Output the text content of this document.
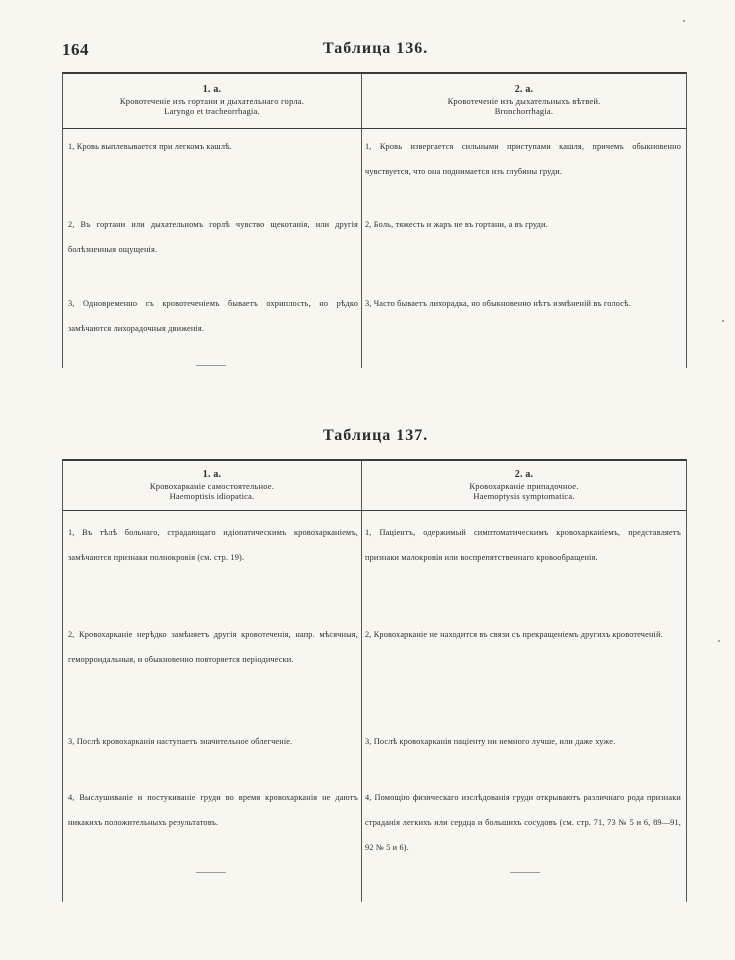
164	Таблица 136.
1. а.
Кровотеченіе изъ гортани и дыхательнаго горла.
Larуngo et tracheorrhagia.
2. а.
Кровотеченіе изъ дыхательныхъ вѣтвей.
Bronchorrhagia.
1, Кровь выплевывается при легкомъ кашлѣ.
2, Въ гортани или дыхательномъ горлѣ чувство щекотанія, или другія болѣзненныя ощущенія.
3, Одновременно съ кровотеченіемъ бываетъ охриплость, но рѣдко замѣчаются лихорадочныя движенія.
1, Кровь извергается сильными приступами кашля, причемъ обыкновенно чувствуется, что она поднимается изъ глубины груди.
2, Боль, тяжесть и жаръ не въ гортани, а въ груди.
3, Часто бываетъ лихорадка, но обыкновенно нѣтъ измѣненій въ голосѣ.
Таблица 137.
1. а.
Кровохарканіе самостоятельное.
Haemoptisis idiopatica.
2. а.
Кровохарканіе припадочное.
Haemoptysis symptomatica.
1, Въ тѣлѣ больнаго, страдающаго идіопатическимъ кровохарканіемъ, замѣчаются признаки полнокровія (см. стр. 19).
2, Кровохарканіе нерѣдко замѣняетъ другія кровотеченія, напр. мѣсячныя, геморроидальныя, и обыкновенно повторяется періодически.
3, Послѣ кровохарканія наступаетъ значительное облегченіе.
4, Выслушиваніе и постукиваніе груди во время кровохарканія не даютъ никакихъ положительныхъ результатовъ.
1, Паціентъ, одержимый симптоматическимъ кровохарканіемъ, представляетъ признаки малокровія или воспрепятственнаго кровообращенія.
2, Кровохарканіе не находится въ связи съ прекращеніемъ другихъ кровотеченій.
3, Послѣ кровохарканія паціенту ни немного лучше, или даже хуже.
4, Помощію физическаго изслѣдованія груди открываютъ различнаго рода признаки страданія легкихъ или сердца и большихъ сосудовъ (см. стр. 71, 73 № 5 и 6, 89—91, 92 № 5 и 6).
